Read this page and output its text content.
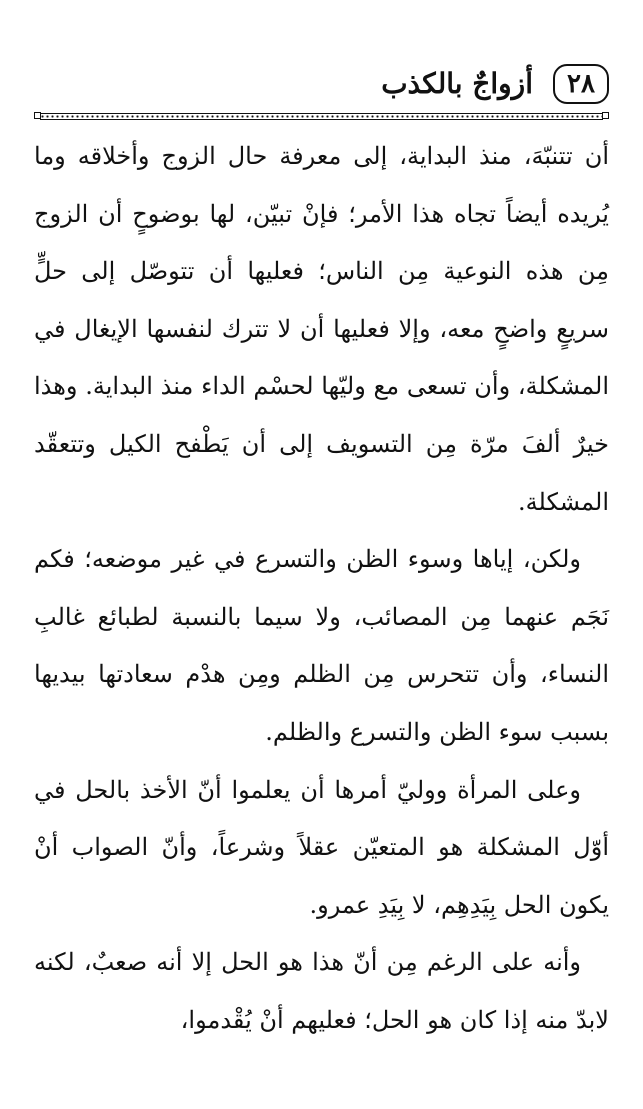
٢٨
أزواجٌ بالكذب

أن تتنبّهَ، منذ البداية، إلى معرفة حال الزوج وأخلاقه وما يُريده أيضاً تجاه هذا الأمر؛ فإنْ تبيّن، لها بوضوحٍ أن الزوج مِن هذه النوعية مِن الناس؛ فعليها أن تتوصّل إلى حلٍّ سريعٍ واضحٍ معه، وإلا فعليها أن لا تترك لنفسها الإيغال في المشكلة، وأن تسعى مع وليّها لحسْم الداء منذ البداية. وهذا خيرٌ ألفَ مرّة مِن التسويف إلى أن يَطْفح الكيل وتتعقّد المشكلة.

ولكن، إياها وسوء الظن والتسرع في غير موضعه؛ فكم نَجَم عنهما مِن المصائب، ولا سيما بالنسبة لطبائع غالبِ النساء، وأن تتحرس مِن الظلم ومِن هدْم سعادتها بيديها بسبب سوء الظن والتسرع والظلم.

وعلى المرأة ووليّ أمرها أن يعلموا أنّ الأخذ بالحل في أوّل المشكلة هو المتعيّن عقلاً وشرعاً، وأنّ الصواب أنْ يكون الحل بِيَدِهِم، لا بِيَدِ عمرو.

وأنه على الرغم مِن أنّ هذا هو الحل إلا أنه صعبٌ، لكنه لابدّ منه إذا كان هو الحل؛ فعليهم أنْ يُقْدموا،
